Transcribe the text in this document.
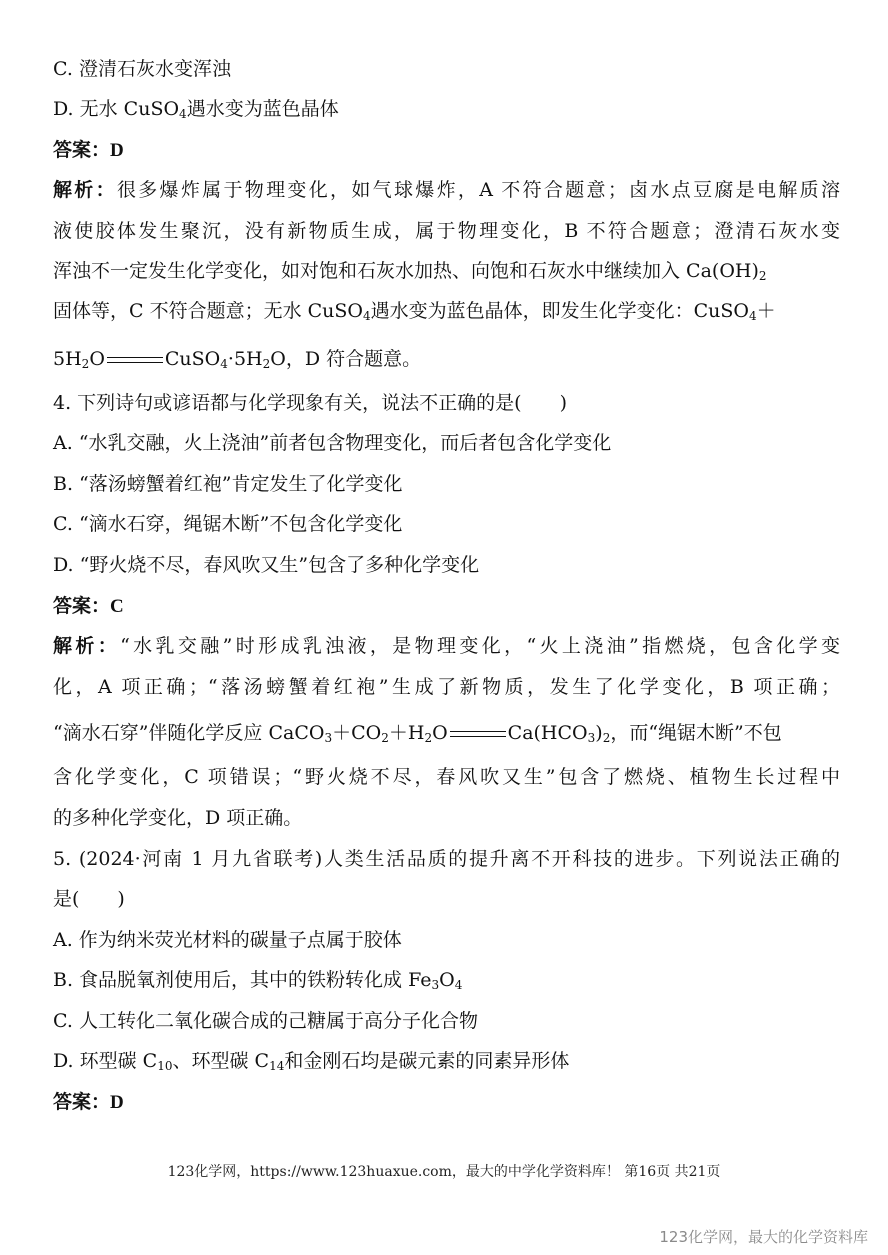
C. 澄清石灰水变浑浊
D. 无水 CuSO$_4$遇水变为蓝色晶体
答案：D
解析：很多爆炸属于物理变化，如气球爆炸，A 不符合题意；卤水点豆腐是电解质溶
液使胶体发生聚沉，没有新物质生成，属于物理变化，B 不符合题意；澄清石灰水变
浑浊不一定发生化学变化，如对饱和石灰水加热、向饱和石灰水中继续加入 $Ca(OH)_2$
固体等，C 不符合题意；无水 CuSO$_4$遇水变为蓝色晶体，即发生化学变化：CuSO$_4$＋
$5H_2O$	$CuSO_4\cdot 5H_2O$，D 符合题意。
4. 下列诗句或谚语都与化学现象有关，说法不正确的是(　　)
A. “水乳交融，火上浇油”前者包含物理变化，而后者包含化学变化
B. “落汤螃蟹着红袍”肯定发生了化学变化
C. “滴水石穿，绳锯木断”不包含化学变化
D. “野火烧不尽，春风吹又生”包含了多种化学变化
答案：C
解析：“水乳交融”时形成乳浊液，是物理变化，“火上浇油”指燃烧，包含化学变
化，A 项正确；“落汤螃蟹着红袍”生成了新物质，发生了化学变化，B 项正确；
“滴水石穿”伴随化学反应 $CaCO_3+CO_2+H_2O$	$Ca(HCO_3)_2$，而“绳锯木断”不包
含化学变化，C 项错误；“野火烧不尽，春风吹又生”包含了燃烧、植物生长过程中
的多种化学变化，D 项正确。
5. (2024·河南 1 月九省联考)人类生活品质的提升离不开科技的进步。下列说法正确的
是(　　)
A. 作为纳米荧光材料的碳量子点属于胶体
B. 食品脱氧剂使用后，其中的铁粉转化成 $Fe_3O_4$
C. 人工转化二氧化碳合成的己糖属于高分子化合物
D. 环型碳 $C_{10}$、环型碳 $C_{14}$和金刚石均是碳元素的同素异形体
答案：D
123化学网，https://www.123huaxue.com，最大的中学化学资料库！ 第16页 共21页
123化学网，最大的化学资料库
